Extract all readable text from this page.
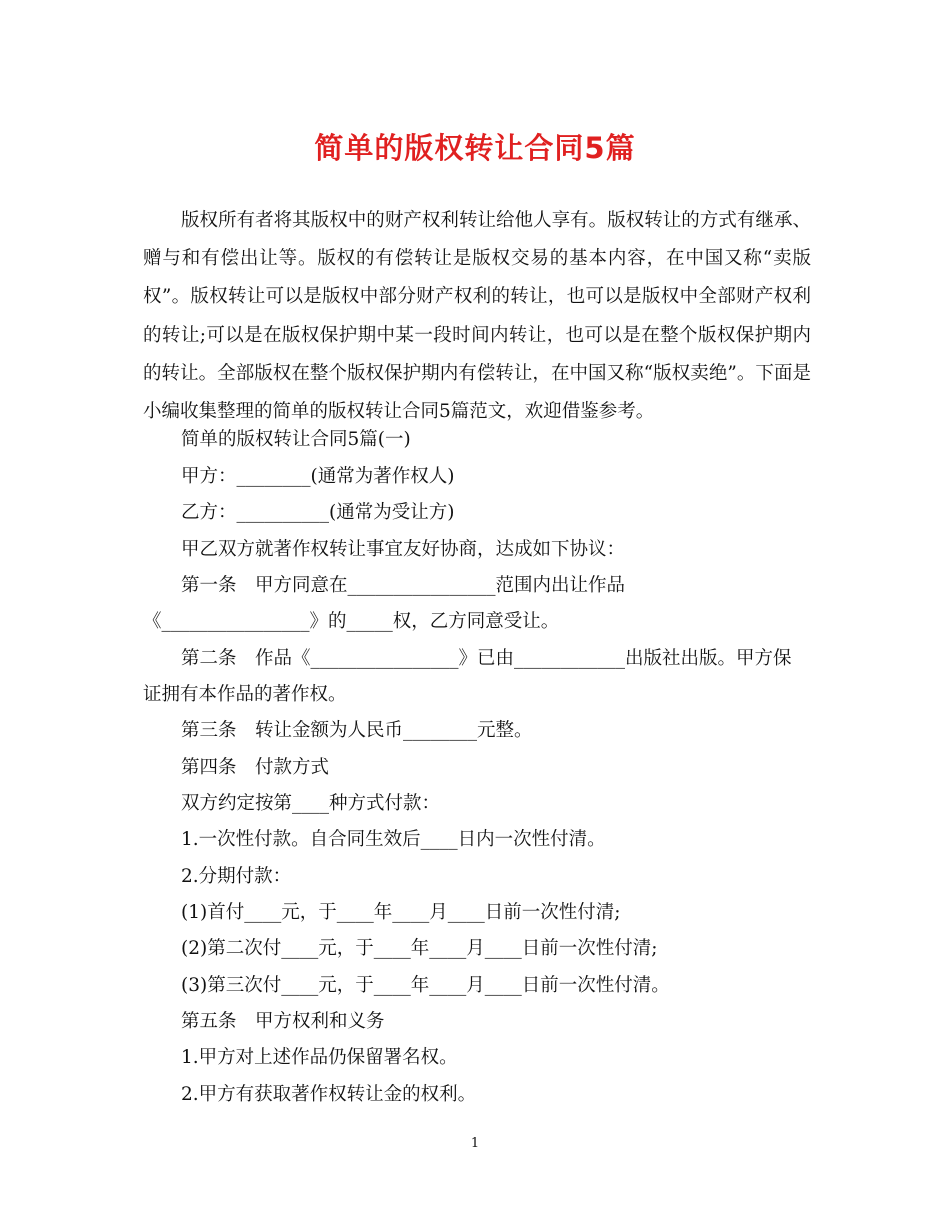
简单的版权转让合同5篇

版权所有者将其版权中的财产权利转让给他人享有。版权转让的方式有继承、赠与和有偿出让等。版权的有偿转让是版权交易的基本内容，在中国又称“卖版权”。版权转让可以是版权中部分财产权利的转让，也可以是版权中全部财产权利的转让;可以是在版权保护期中某一段时间内转让，也可以是在整个版权保护期内的转让。全部版权在整个版权保护期内有偿转让，在中国又称“版权卖绝”。下面是小编收集整理的简单的版权转让合同5篇范文，欢迎借鉴参考。

简单的版权转让合同5篇(一)

甲方：________(通常为著作权人)

乙方：__________(通常为受让方)

甲乙双方就著作权转让事宜友好协商，达成如下协议：

第一条　甲方同意在________________范围内出让作品

《________________》的_____权，乙方同意受让。

第二条　作品《________________》已由____________出版社出版。甲方保

证拥有本作品的著作权。

第三条　转让金额为人民币________元整。

第四条　付款方式

双方约定按第____种方式付款：

1.一次性付款。自合同生效后____日内一次性付清。

2.分期付款：

(1)首付____元，于____年____月____日前一次性付清;

(2)第二次付____元，于____年____月____日前一次性付清;

(3)第三次付____元，于____年____月____日前一次性付清。

第五条　甲方权利和义务

1.甲方对上述作品仍保留署名权。

2.甲方有获取著作权转让金的权利。

1
